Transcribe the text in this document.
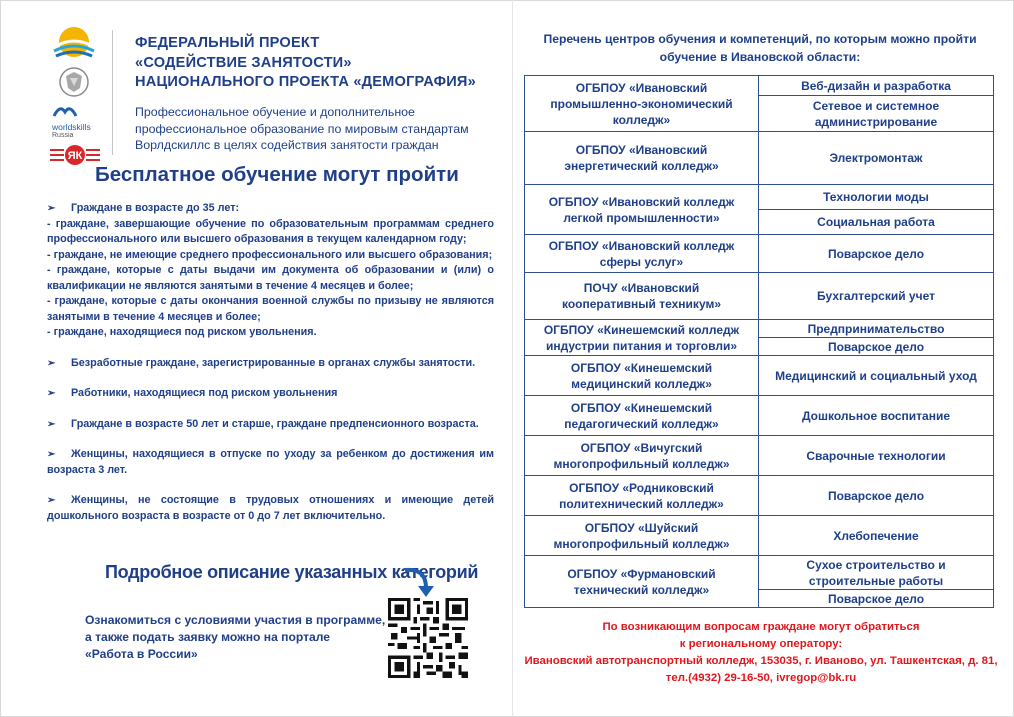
worldskills
Russia
ЯК
ФЕДЕРАЛЬНЫЙ ПРОЕКТ
«СОДЕЙСТВИЕ ЗАНЯТОСТИ»
НАЦИОНАЛЬНОГО ПРОЕКТА «ДЕМОГРАФИЯ»
Профессиональное обучение и дополнительное
профессиональное образование по мировым стандартам
Ворлдскиллс в целях содействия занятости граждан
Бесплатное обучение могут пройти
➢ Граждане в возрасте до 35 лет:
- граждане, завершающие обучение по образовательным программам среднего профессионального или высшего образования в текущем календарном году;
- граждане, не имеющие среднего профессионального или высшего образования;
- граждане, которые с даты выдачи им документа об образовании и (или) о квалификации не являются занятыми в течение 4 месяцев и более;
- граждане, которые с даты окончания военной службы по призыву не являются занятыми в течение 4 месяцев и более;
- граждане, находящиеся под риском увольнения.
➢ Безработные граждане, зарегистрированные в органах службы занятости.
➢ Работники, находящиеся под риском увольнения
➢ Граждане в возрасте 50 лет и старше, граждане предпенсионного возраста.
➢ Женщины, находящиеся в отпуске по уходу за ребенком до достижения им возраста 3 лет.
➢ Женщины, не состоящие в трудовых отношениях и имеющие детей дошкольного возраста в возрасте от 0 до 7 лет включительно.
Подробное описание указанных категорий
Ознакомиться с условиями участия в программе,
а также подать заявку можно на портале
«Работа в России»
Перечень центров обучения и компетенций, по которым можно пройти
обучение в Ивановской области:
ОГБПОУ «Ивановский
промышленно-экономический
колледж»	Веб-дизайн и разработка

	Сетевое и системное администрирование

ОГБПОУ «Ивановский
энергетический колледж»	Электромонтаж

ОГБПОУ «Ивановский колледж
легкой промышленности»	Технологии моды
	Социальная работа

ОГБПОУ «Ивановский колледж
сферы услуг»	Поварское дело

ПОЧУ «Ивановский
кооперативный техникум»	Бухгалтерский учет

ОГБПОУ «Кинешемский колледж
индустрии питания и торговли»	Предпринимательство
	Поварское дело

ОГБПОУ «Кинешемский
медицинский колледж»	Медицинский и социальный уход

ОГБПОУ «Кинешемский
педагогический колледж»	Дошкольное воспитание

ОГБПОУ «Вичугский
многопрофильный колледж»	Сварочные технологии

ОГБПОУ «Родниковский
политехнический колледж»	Поварское дело

ОГБПОУ «Шуйский
многопрофильный колледж»	Хлебопечение

ОГБПОУ «Фурмановский
технический колледж»	Сухое строительство и строительные работы

	Поварское дело
По возникающим вопросам граждане могут обратиться
к региональному оператору:
Ивановский автотранспортный колледж, 153035, г. Иваново, ул. Ташкентская, д. 81,
тел.(4932) 29-16-50, ivregop@bk.ru
